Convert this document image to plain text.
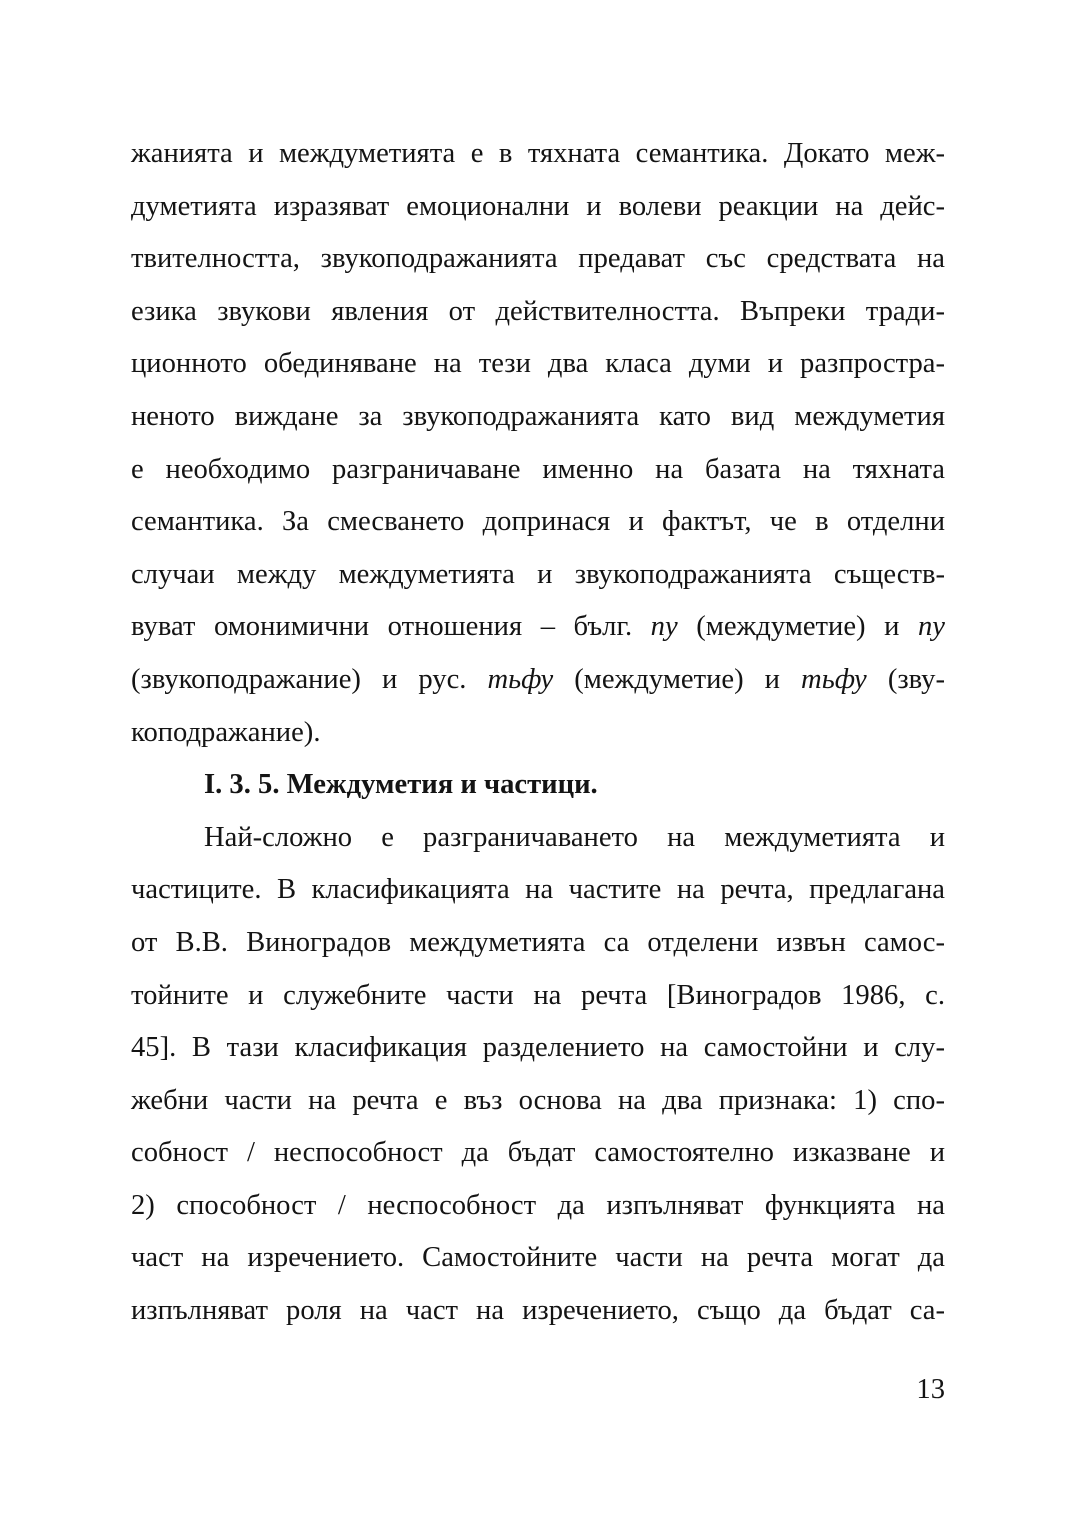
жанията и междуметията е в тяхната семантика. Докато меж-
думетията изразяват емоционални и волеви реакции на дейс-
твителността, звукоподражанията предават със средствата на
езика звукови явления от действителността. Въпреки тради-
ционното обединяване на тези два класа думи и разпростра-
неното виждане за звукоподражанията като вид междуметия
е необходимо разграничаване именно на базата на тяхната
семантика. За смесването допринася и фактът, че в отделни
случаи между междуметията и звукоподражанията съществ-
вуват омонимични отношения – бълг. пу (междуметие) и пу
(звукоподражание) и рус. тьфу (междуметие) и тьфу (зву-
коподражание).
I. 3. 5. Междуметия и частици.
Най-сложно е разграничаването на междуметията и
частиците. В класификацията на частите на речта, предлагана
от В.В. Виноградов междуметията са отделени извън самос-
тойните и служебните части на речта [Виноградов 1986, с.
45]. В тази класификация разделението на самостойни и слу-
жебни части на речта е въз основа на два признака: 1) спо-
собност / неспособност да бъдат самостоятелно изказване и
2) способност / неспособност да изпълняват функцията на
част на изречението. Самостойните части на речта могат да
изпълняват роля на част на изречението, също да бъдат са-
13
